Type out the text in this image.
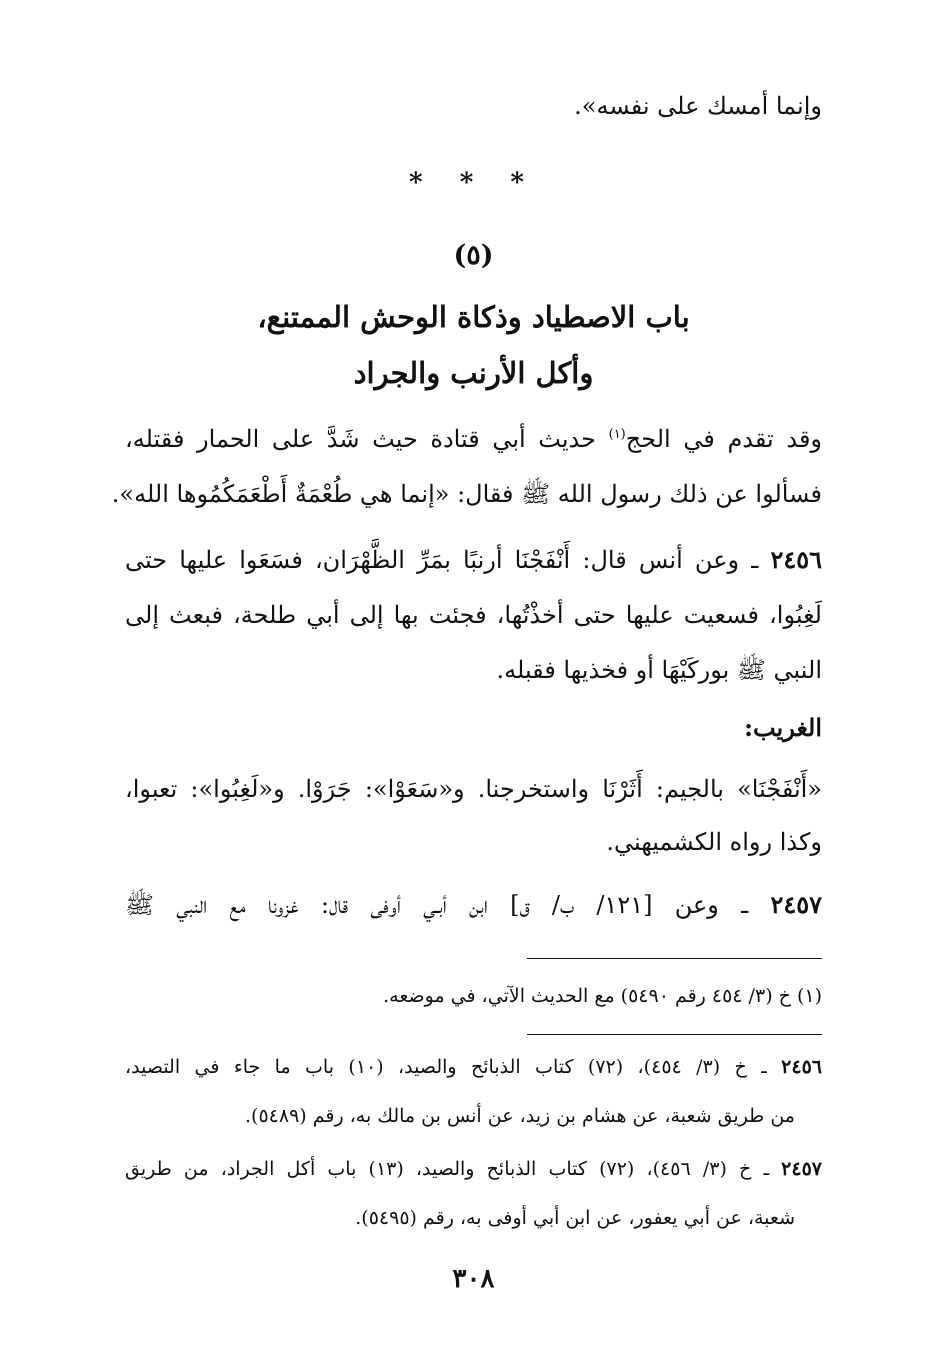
وإنما أمسك على نفسه».
* * *
(٥)
باب الاصطياد وذكاة الوحش الممتنع،
وأكل الأرنب والجراد
وقد تقدم في الحج$^{(١)}$ حديث أبي قتادة حيث شَدَّ على الحمار فقتله،
فسألوا عن ذلك رسول الله ﷺ فقال: «إنما هي طُعْمَةٌ أَطْعَمَكُمُوها الله».
٢٤٥٦ ـ وعن أنس قال: أَنْفَجْنَا أرنبًا بمَرِّ الظَّهْرَان، فسَعَوا عليها حتى
لَغِبُوا، فسعيت عليها حتى أخذْتُها، فجئت بها إلى أبي طلحة، فبعث إلى
النبي ﷺ بوركَيْهَا أو فخذيها فقبله.
الغريب:
«أَنْفَجْنَا» بالجيم: أَثَرْنَا واستخرجنا. و«سَعَوْا»: جَرَوْا. و«لَغِبُوا»: تعبوا،
وكذا رواه الكشميهني.
٢٤٥٧ ـ وعن [١٢١/ ب/ ق] ابن أبـي أوفى قال: غزونا مع النبي ﷺ
(١) خ (٣/ ٤٥٤ رقم ٥٤٩٠) مع الحديث الآتي، في موضعه.
٢٤٥٦ ـ خ (٣/ ٤٥٤)، (٧٢) كتاب الذبائح والصيد، (١٠) باب ما جاء في التصيد،
من طريق شعبة، عن هشام بن زيد، عن أنس بن مالك به، رقم (٥٤٨٩).
٢٤٥٧ ـ خ (٣/ ٤٥٦)، (٧٢) كتاب الذبائح والصيد، (١٣) باب أكل الجراد، من طريق
شعبة، عن أبي يعفور، عن ابن أبي أوفى به، رقم (٥٤٩٥).
٣٠٨
